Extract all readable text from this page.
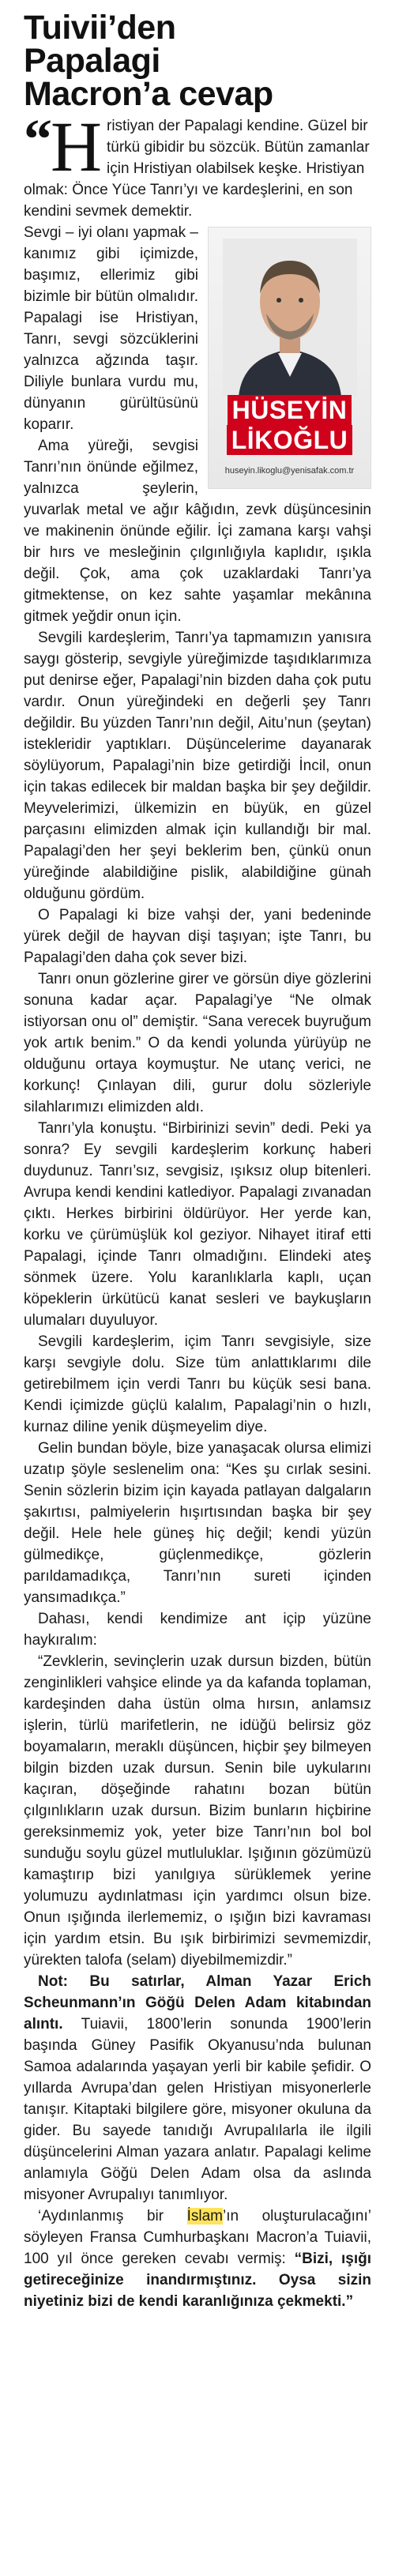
Tuivii’den
Papalagi
Macron’a cevap
“
H ristiyan der Papalagi kendine. Güzel bir türkü gibidir bu sözcük. Bütün zamanlar için Hristiyan olabilsek keşke. Hristiyan olmak: Önce Yüce Tanrı’yı ve kardeşlerini, en son kendini sevmek demektir.

HÜSEYİN
LİKOĞLU
huseyin.likoglu@yenisafak.com.tr

Sevgi – iyi olanı yapmak – kanımız gibi içimizde, başımız, ellerimiz gibi bizimle bir bütün olmalıdır. Papalagi ise Hristiyan, Tanrı, sevgi sözcüklerini yalnızca ağzında taşır. Diliyle bunlara vurdu mu, dünyanın gürültüsünü koparır.

Ama yüreği, sevgisi Tanrı’nın önünde eğilmez, yalnızca şeylerin, yuvarlak metal ve ağır kâğıdın, zevk düşüncesinin ve makinenin önünde eğilir. İçi zamana karşı vahşi bir hırs ve mesleğinin çılgınlığıyla kaplıdır, ışıkla değil. Çok, ama çok uzaklardaki Tanrı’ya gitmektense, on kez sahte yaşamlar mekânına gitmek yeğdir onun için.

Sevgili kardeşlerim, Tanrı’ya tapmamızın yanısıra saygı gösterip, sevgiyle yüreğimizde taşıdıklarımıza put denirse eğer, Papalagi’nin bizden daha çok putu vardır. Onun yüreğindeki en değerli şey Tanrı değildir. Bu yüzden Tanrı’nın değil, Aitu’nun (şeytan) istekleridir yaptıkları. Düşüncelerime dayanarak söylüyorum, Papalagi’nin bize getirdiği İncil, onun için takas edilecek bir maldan başka bir şey değildir. Meyvelerimizi, ülkemizin en büyük, en güzel parçasını elimizden almak için kullandığı bir mal. Papalagi’den her şeyi beklerim ben, çünkü onun yüreğinde alabildiğine pislik, alabildiğine günah olduğunu gördüm.

O Papalagi ki bize vahşi der, yani bedeninde yürek değil de hayvan dişi taşıyan; işte Tanrı, bu Papalagi’den daha çok sever bizi.

Tanrı onun gözlerine girer ve görsün diye gözlerini sonuna kadar açar. Papalagi’ye “Ne olmak istiyorsan onu ol” demiştir. “Sana verecek buyruğum yok artık benim.” O da kendi yolunda yürüyüp ne olduğunu ortaya koymuştur. Ne utanç verici, ne korkunç! Çınlayan dili, gurur dolu sözleriyle silahlarımızı elimizden aldı.

Tanrı’yla konuştu. “Birbirinizi sevin” dedi. Peki ya sonra? Ey sevgili kardeşlerim korkunç haberi duydunuz. Tanrı’sız, sevgisiz, ışıksız olup bitenleri. Avrupa kendi kendini katlediyor. Papalagi zıvanadan çıktı. Herkes birbirini öldürüyor. Her yerde kan, korku ve çürümüşlük kol geziyor. Nihayet itiraf etti Papalagi, içinde Tanrı olmadığını. Elindeki ateş sönmek üzere. Yolu karanlıklarla kaplı, uçan köpeklerin ürkütücü kanat sesleri ve baykuşların ulumaları duyuluyor.

Sevgili kardeşlerim, içim Tanrı sevgisiyle, size karşı sevgiyle dolu. Size tüm anlattıklarımı dile getirebilmem için verdi Tanrı bu küçük sesi bana. Kendi içimizde güçlü kalalım, Papalagi’nin o hızlı, kurnaz diline yenik düşmeyelim diye.

Gelin bundan böyle, bize yanaşacak olursa elimizi uzatıp şöyle seslenelim ona: “Kes şu cırlak sesini. Senin sözlerin bizim için kayada patlayan dalgaların şakırtısı, palmiyelerin hışırtısından başka bir şey değil. Hele hele güneş hiç değil; kendi yüzün gülmedikçe, güçlenmedikçe, gözlerin parıldamadıkça, Tanrı’nın sureti içinden yansımadıkça.”

Dahası, kendi kendimize ant içip yüzüne haykıralım:

“Zevklerin, sevinçlerin uzak dursun bizden, bütün zenginlikleri vahşice elinde ya da kafanda toplaman, kardeşinden daha üstün olma hırsın, anlamsız işlerin, türlü marifetlerin, ne idüğü belirsiz göz boyamaların, meraklı düşüncen, hiçbir şey bilmeyen bilgin bizden uzak dursun. Senin bile uykularını kaçıran, döşeğinde rahatını bozan bütün çılgınlıkların uzak dursun. Bizim bunların hiçbirine gereksinmemiz yok, yeter bize Tanrı’nın bol bol sunduğu soylu güzel mutluluklar. Işığının gözümüzü kamaştırıp bizi yanılgıya sürüklemek yerine yolumuzu aydınlatması için yardımcı olsun bize. Onun ışığında ilerlememiz, o ışığın bizi kavraması için yardım etsin. Bu ışık birbirimizi sevmemizdir, yürekten talofa (selam) diyebilmemizdir.”

Not: Bu satırlar, Alman Yazar Erich Scheunmann’ın Göğü Delen Adam kitabından alıntı. Tuiavii, 1800’lerin sonunda 1900’lerin başında Güney Pasifik Okyanusu’nda bulunan Samoa adalarında yaşayan yerli bir kabile şefidir. O yıllarda Avrupa’dan gelen Hristiyan misyonerlerle tanışır. Kitaptaki bilgilere göre, misyoner okuluna da gider. Bu sayede tanıdığı Avrupalılarla ile ilgili düşüncelerini Alman yazara anlatır. Papalagi kelime anlamıyla Göğü Delen Adam olsa da aslında misyoner Avrupalıyı tanımlıyor.

‘Aydınlanmış bir İslam’ın oluşturulacağını’ söyleyen Fransa Cumhurbaşkanı Macron’a Tuiavii, 100 yıl önce gereken cevabı vermiş: “Bizi, ışığı getireceğinize inandırmıştınız. Oysa sizin niyetiniz bizi de kendi karanlığınıza çekmekti.”
